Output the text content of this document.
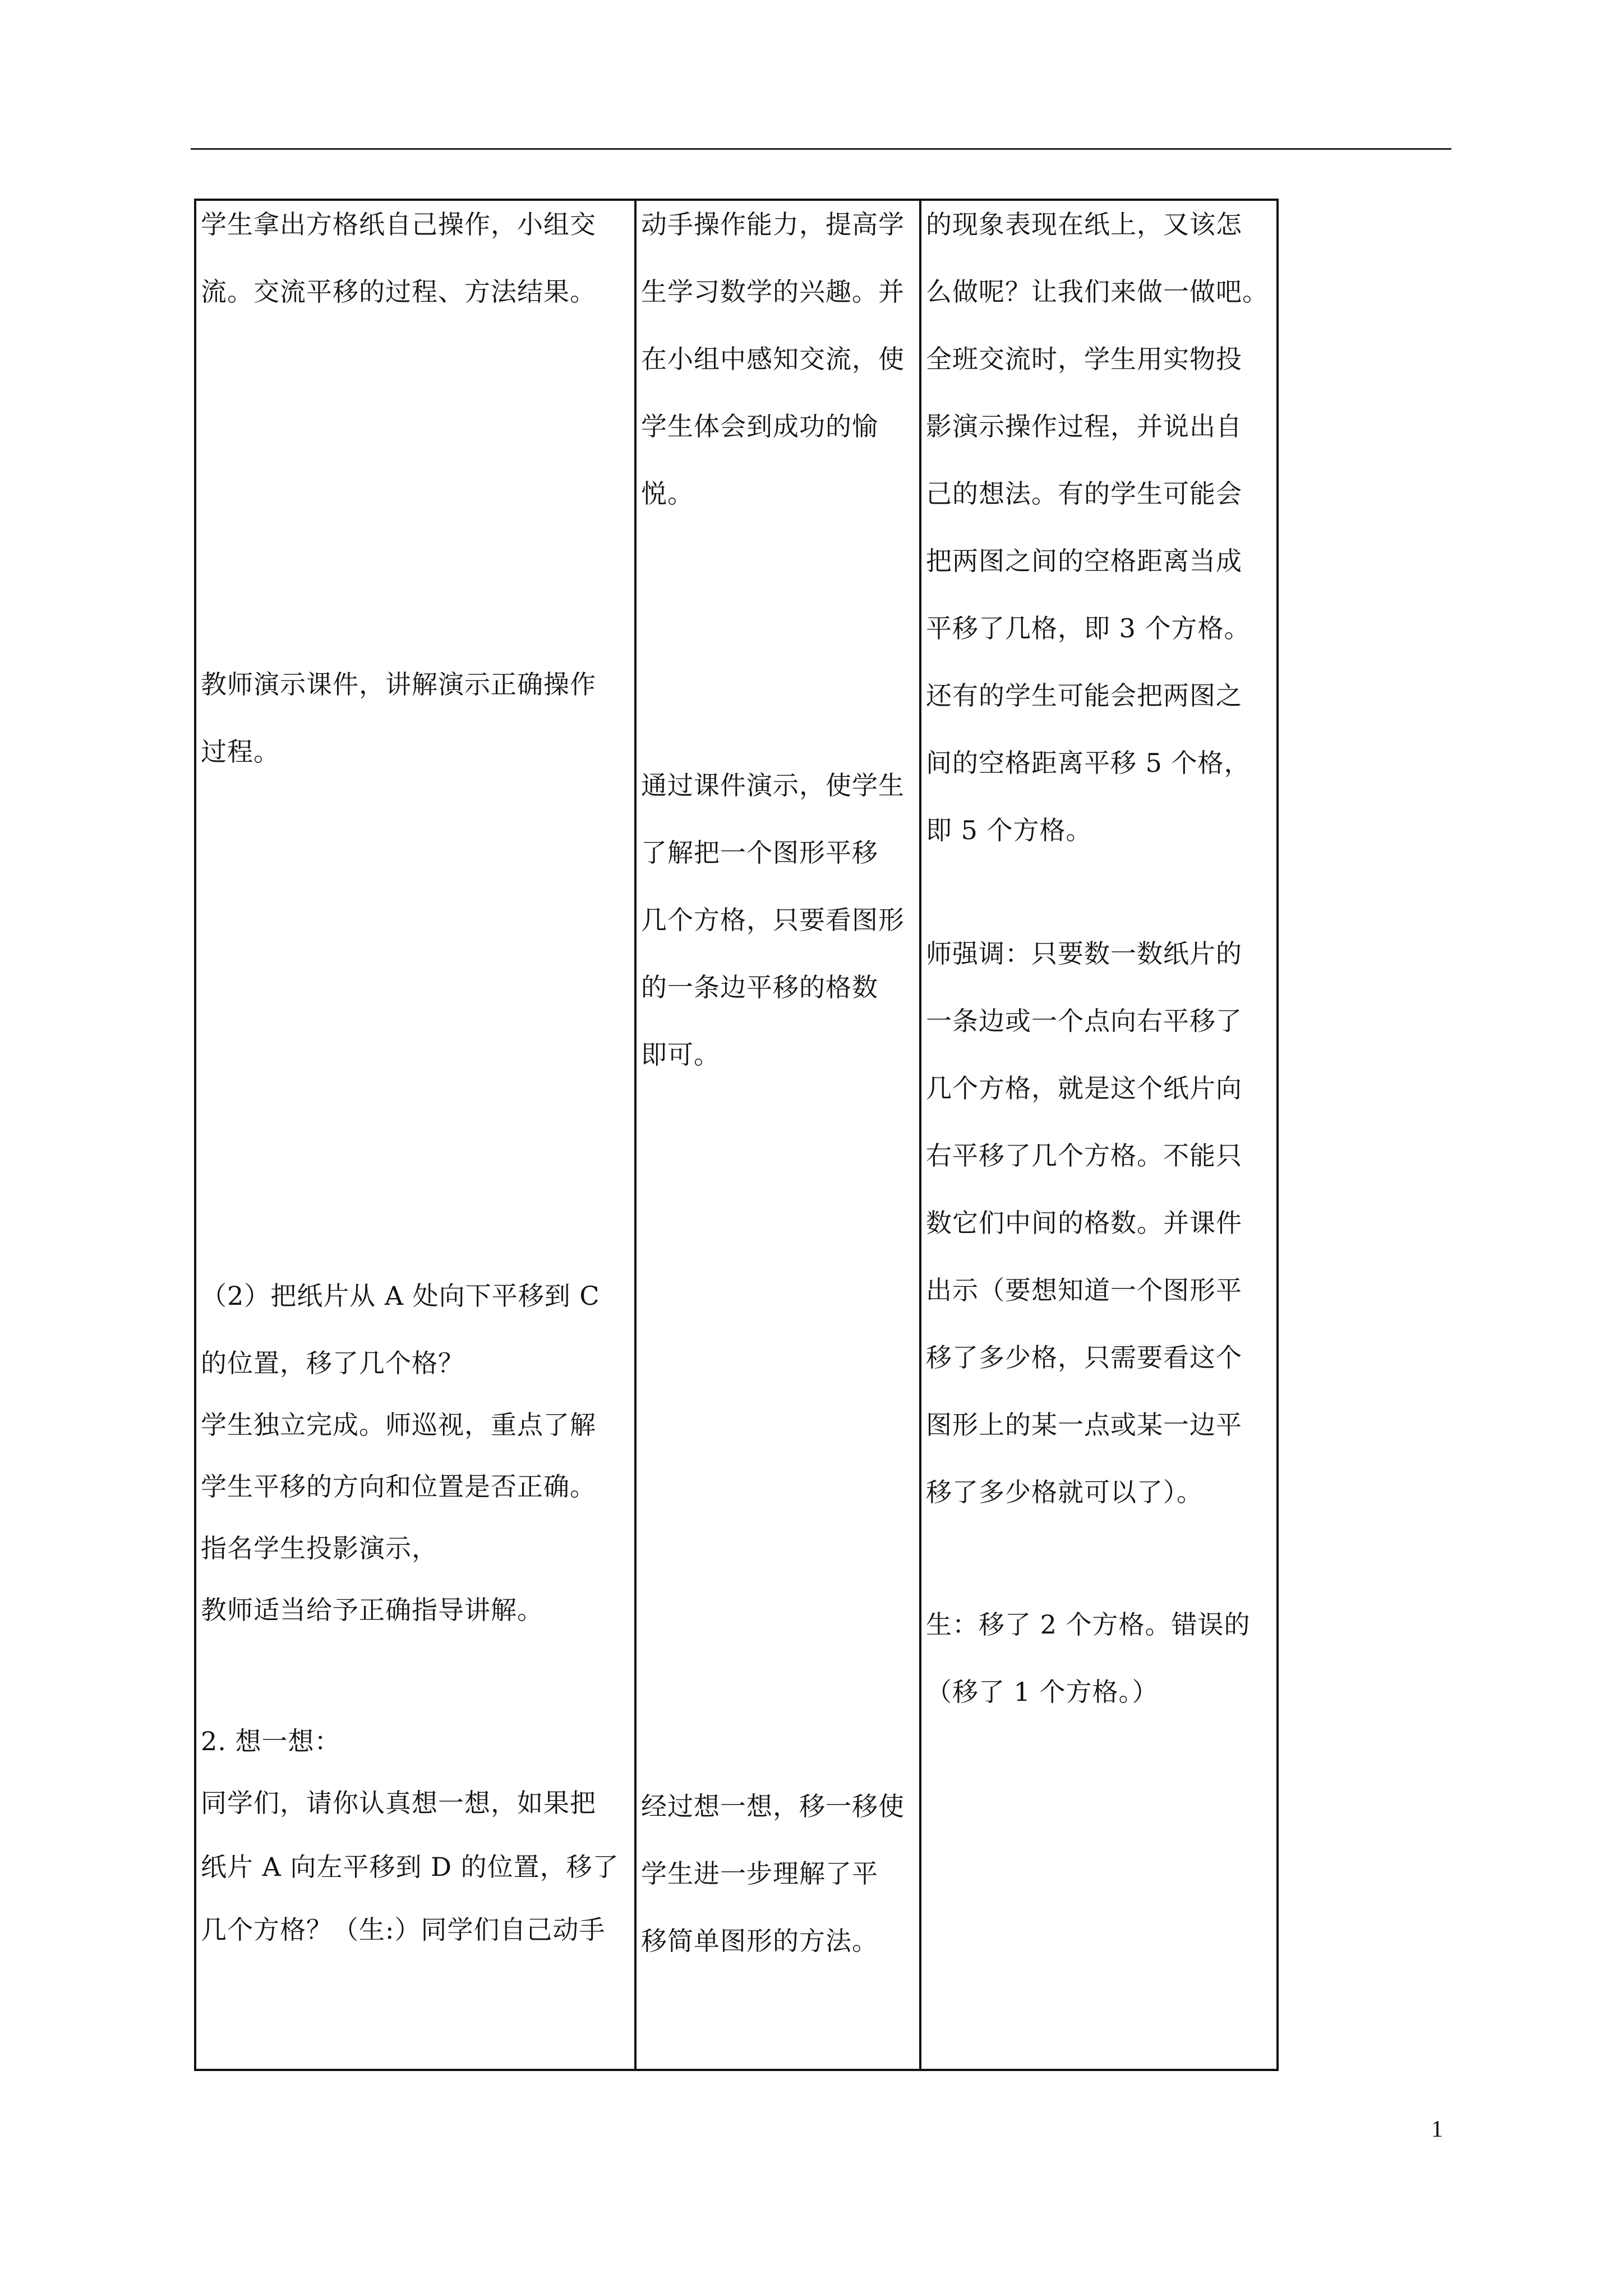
学生拿出方格纸自己操作，小组交
流。交流平移的过程、方法结果。
教师演示课件，讲解演示正确操作
过程。
（2）把纸片从 A 处向下平移到 C
的位置，移了几个格？
学生独立完成。师巡视，重点了解
学生平移的方向和位置是否正确。
指名学生投影演示，
教师适当给予正确指导讲解。
2. 想一想：
同学们，请你认真想一想，如果把
纸片 A 向左平移到 D 的位置，移了
几个方格？（生:）同学们自己动手
动手操作能力，提高学
生学习数学的兴趣。并
在小组中感知交流，使
学生体会到成功的愉
悦。
通过课件演示，使学生
了解把一个图形平移
几个方格，只要看图形
的一条边平移的格数
即可。
经过想一想，移一移使
学生进一步理解了平
移简单图形的方法。
的现象表现在纸上，又该怎
么做呢？让我们来做一做吧。
全班交流时，学生用实物投
影演示操作过程，并说出自
己的想法。有的学生可能会
把两图之间的空格距离当成
平移了几格，即 3 个方格。
还有的学生可能会把两图之
间的空格距离平移 5 个格，
即 5 个方格。
师强调：只要数一数纸片的
一条边或一个点向右平移了
几个方格，就是这个纸片向
右平移了几个方格。不能只
数它们中间的格数。并课件
出示（要想知道一个图形平
移了多少格，只需要看这个
图形上的某一点或某一边平
移了多少格就可以了）。
生：移了 2 个方格。错误的
（移了 1 个方格。）
1
